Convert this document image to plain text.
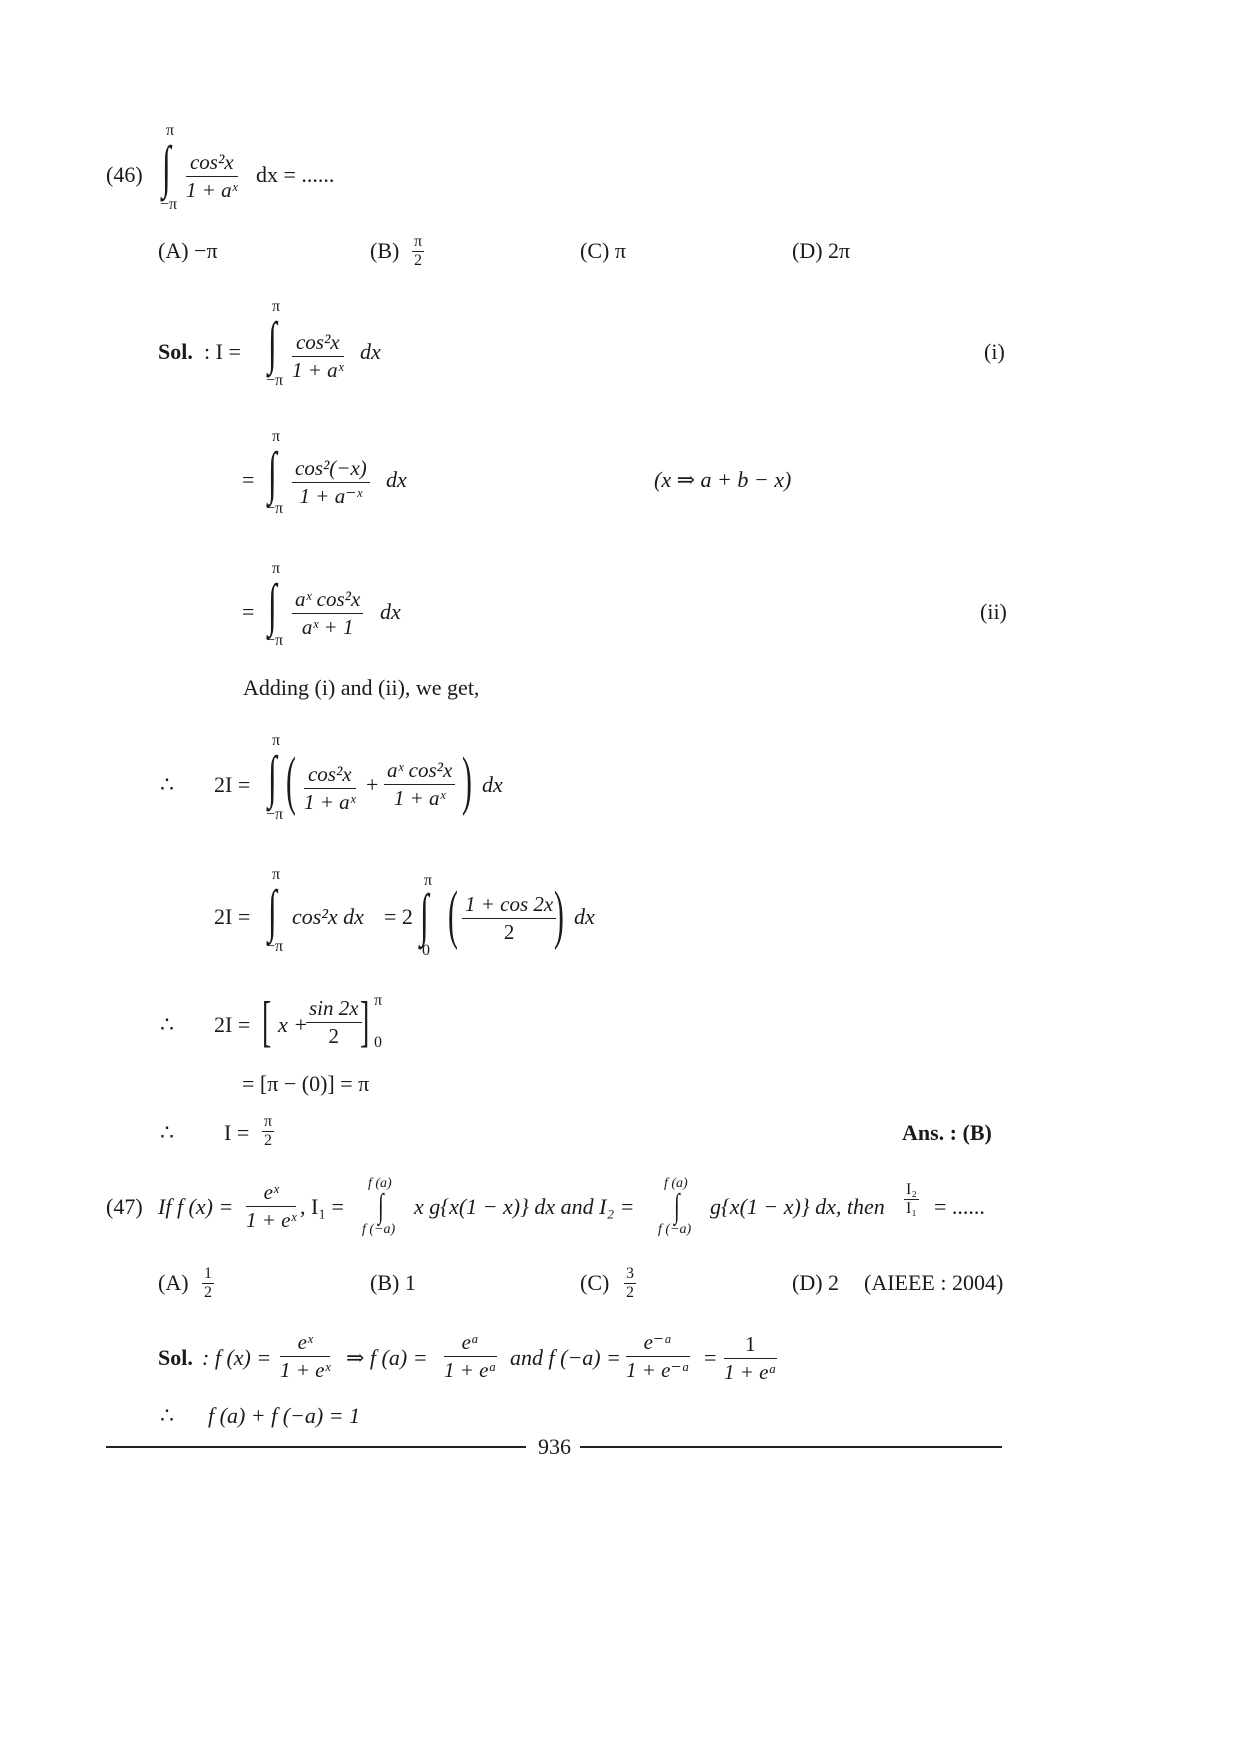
(46)
π
∫
−π
$\frac{\text{cos²x}}{\text{1 + aˣ}}$ dx = ......
(A) −π	$(B) \frac{\pi}{2}$	(C) π	(D) 2π
Sol. : I =
π
∫
$-\pi \frac{\text{cos²x}}{\text{1 + aˣ}}$ dx	(i)
=
π
∫
−π
$\frac{\text{cos²(−x)}}{\text{1 + a⁻ˣ}}$ dx	(x ⇒ a + b − x)
=
π
∫
−π
$\frac{\text{aˣ cos²x}}{\text{aˣ + 1}}$ dx	(ii)
Adding (i) and (ii), we get,
∴ 2I =
π
∫
−π ( $\frac{\text{cos²x}}{\text{1 + aˣ}} + \frac{\text{aˣ cos²x}}{\text{1 + aˣ}}$ ) dx
2I =
π
∫
−π
cos²x dx = 2
π
∫
0 ( $\frac{1 + \cos 2x}{2}$
) dx
∴ 2I = [ x +
$\frac{\sin 2x}{2}$
] π
0
= [π − (0)] = π
∴ $I = \frac{\pi}{2}$	Ans. : (B)
(47) If f $(x) = \frac{\text{eˣ}}{\text{1 + eˣ}}$ , I₁ =
f (a)
∫
f (−a)
x g{x(1 − x)} dx and I₂ =
f (a)
∫
f (−a)
g{x(1 − x)} dx, then $\frac{\text{I₂}}{\text{I₁}}$ = ......
$(A) \frac{1}{2}$	(B) 1	$(C) \frac{3}{2}$	(D) 2 (AIEEE : 2004)
Sol. : f $(x) = \frac{\text{eˣ}}{\text{1 + eˣ}}$ ⇒ f $(a) = \frac{\text{eᵃ}}{\text{1 + eᵃ}}$ and f $(-a) = \frac{\text{e⁻ᵃ}}{\text{1 + e⁻ᵃ}} = \frac{1}{\text{1 + eᵃ}}$
∴ f (a) + f (−a) = 1
936
